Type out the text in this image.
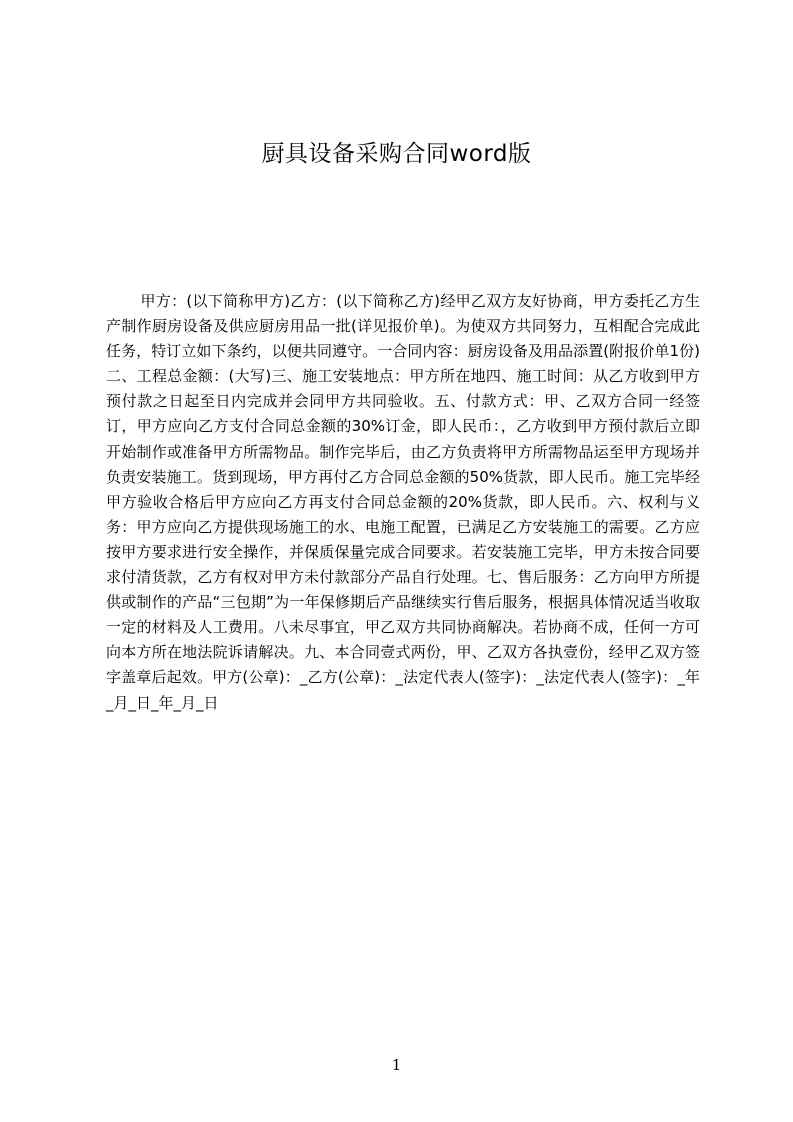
厨具设备采购合同word版

甲方：(以下简称甲方)乙方：(以下简称乙方)经甲乙双方友好协商，甲方委托乙方生产制作厨房设备及供应厨房用品一批(详见报价单)。为使双方共同努力，互相配合完成此任务，特订立如下条约，以便共同遵守。一合同内容：厨房设备及用品添置(附报价单1份)二、工程总金额：(大写)三、施工安装地点：甲方所在地四、施工时间：从乙方收到甲方预付款之日起至日内完成并会同甲方共同验收。五、付款方式：甲、乙双方合同一经签订，甲方应向乙方支付合同总金额的30%订金，即人民币：，乙方收到甲方预付款后立即开始制作或准备甲方所需物品。制作完毕后，由乙方负责将甲方所需物品运至甲方现场并负责安装施工。货到现场，甲方再付乙方合同总金额的50%货款，即人民币。施工完毕经甲方验收合格后甲方应向乙方再支付合同总金额的20%货款，即人民币。六、权利与义务：甲方应向乙方提供现场施工的水、电施工配置，已满足乙方安装施工的需要。乙方应按甲方要求进行安全操作，并保质保量完成合同要求。若安装施工完毕，甲方未按合同要求付清货款，乙方有权对甲方未付款部分产品自行处理。七、售后服务：乙方向甲方所提供或制作的产品“三包期”为一年保修期后产品继续实行售后服务，根据具体情况适当收取一定的材料及人工费用。八未尽事宜，甲乙双方共同协商解决。若协商不成，任何一方可向本方所在地法院诉请解决。九、本合同壹式两份，甲、乙双方各执壹份，经甲乙双方签字盖章后起效。甲方(公章)：_乙方(公章)：_法定代表人(签字)：_法定代表人(签字)：_年_月_日_年_月_日

1
